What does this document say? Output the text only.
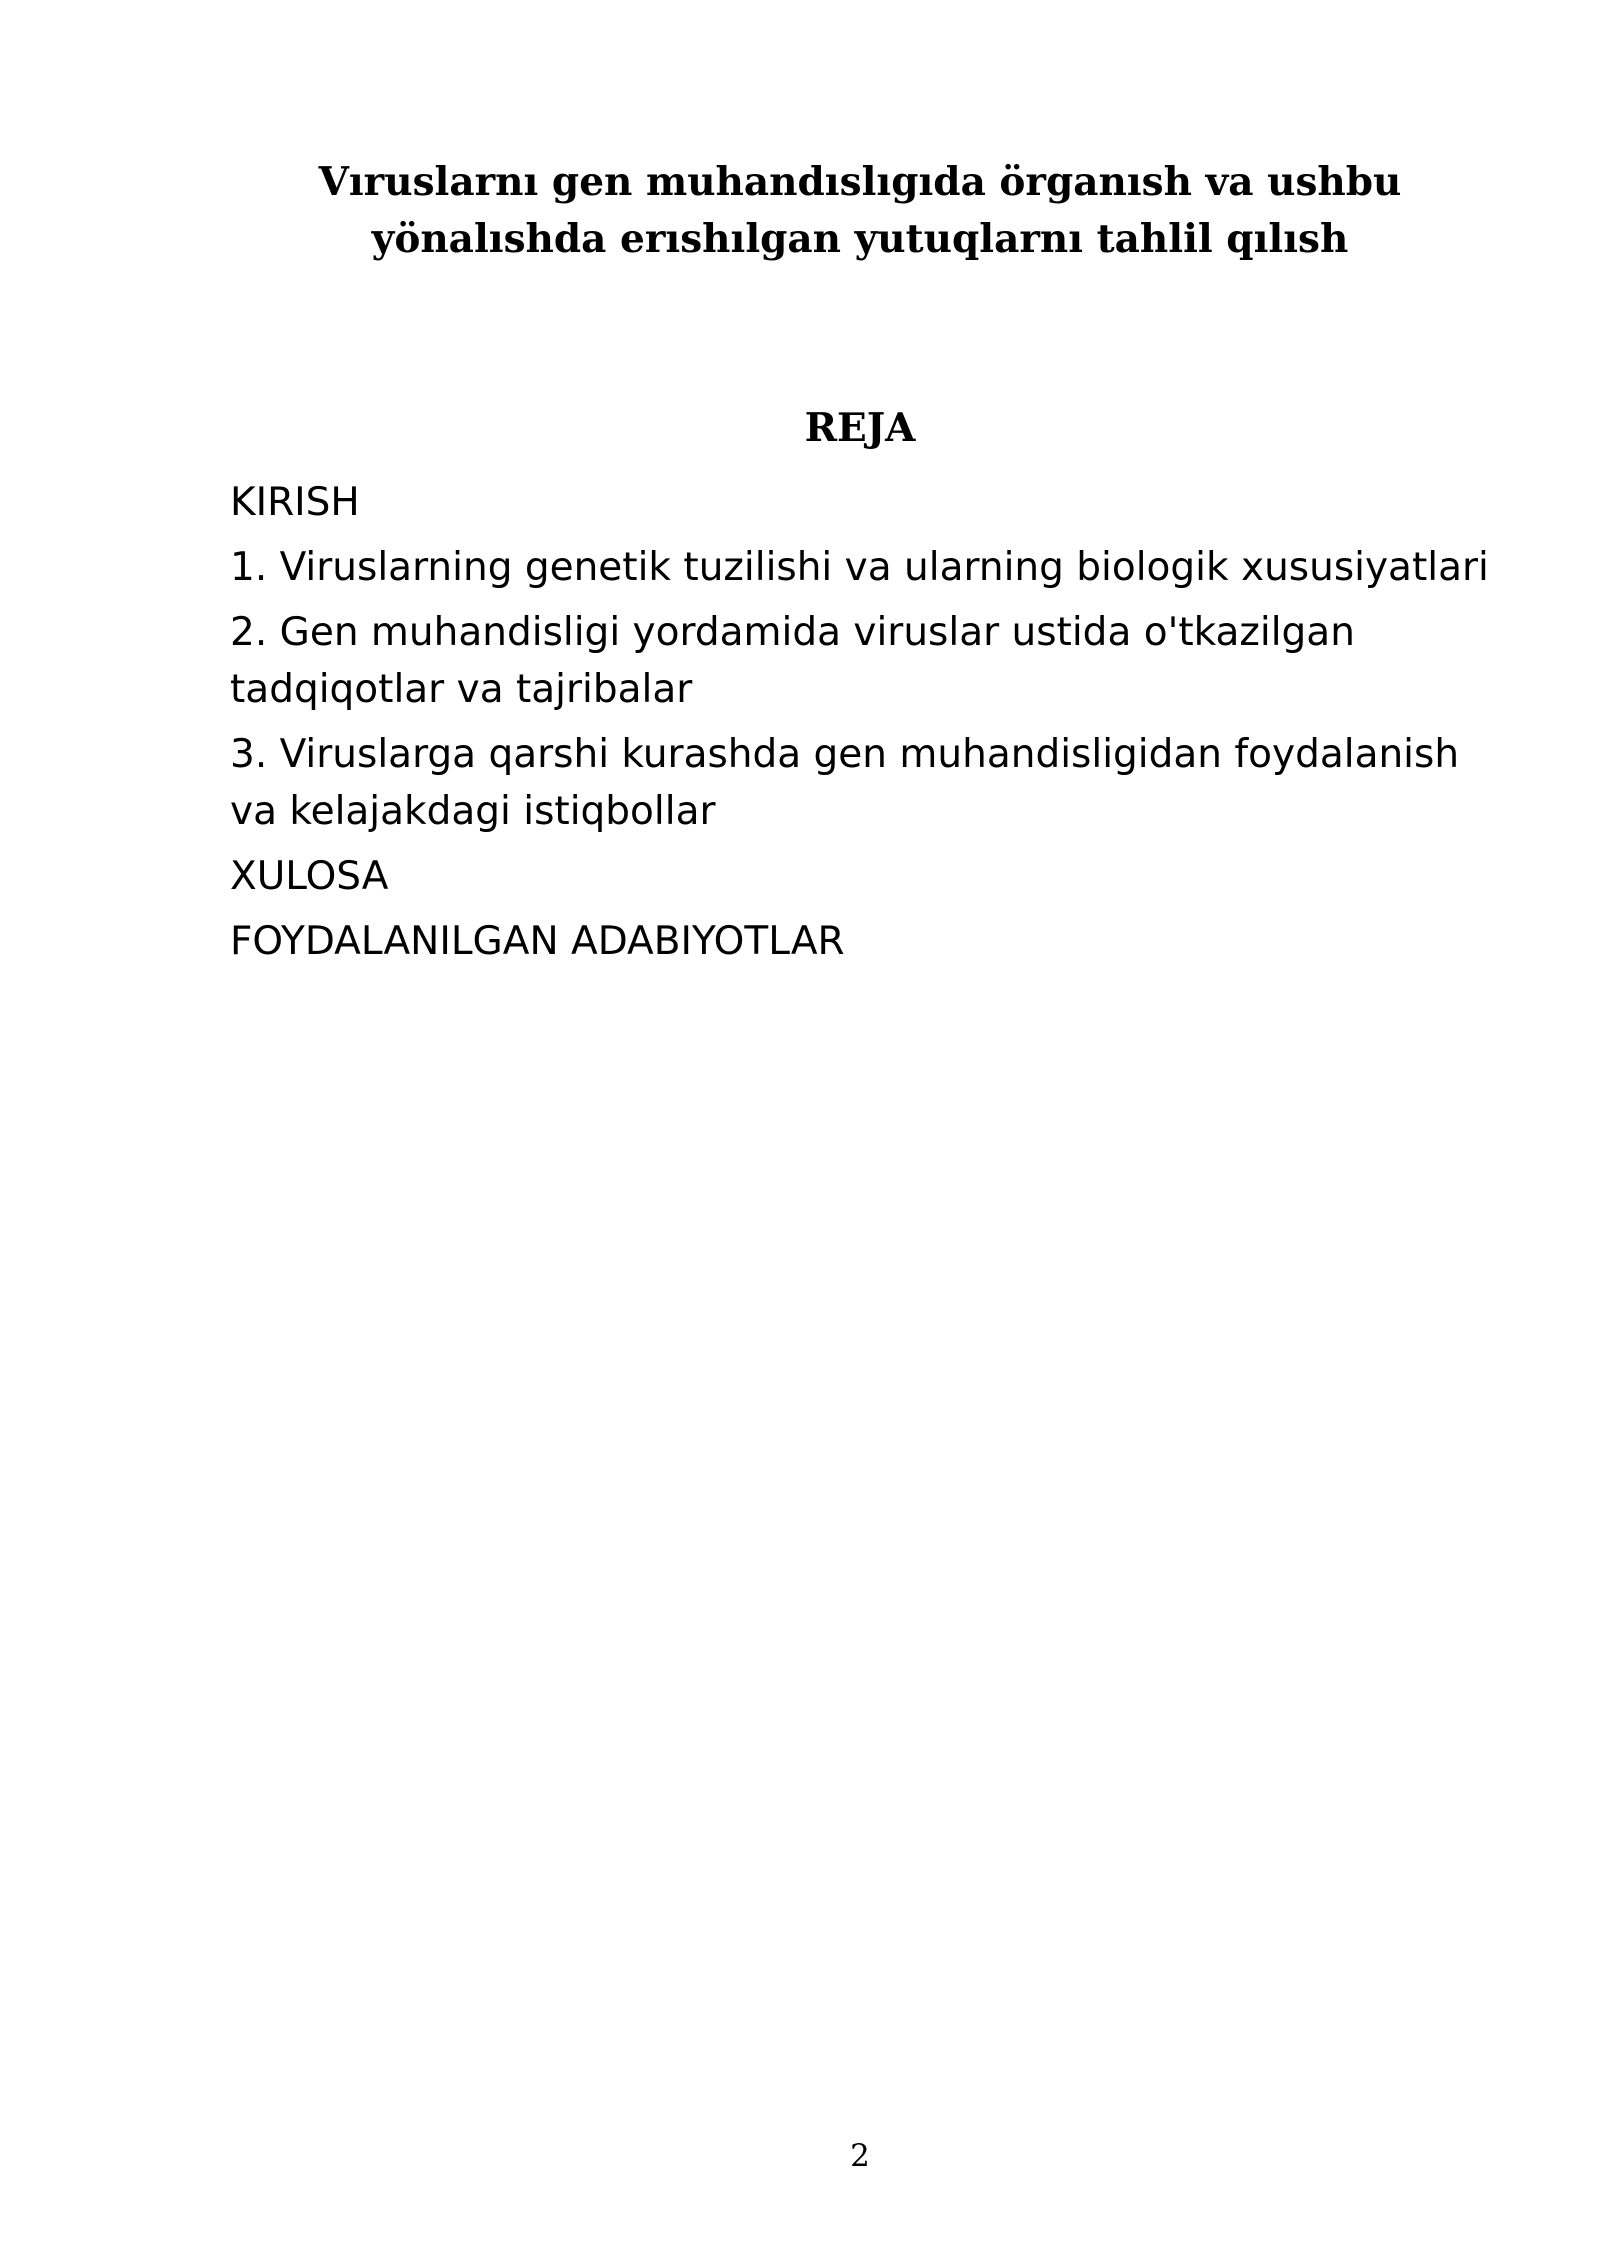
Vıruslarnı gen muhandıslıgıda örganısh va ushbu
yönalıshda erıshılgan yutuqlarnı tahlil qılısh
REJA
KIRISH
1. Viruslarning genetik tuzilishi va ularning biologik xususiyatlari
2. Gen muhandisligi yordamida viruslar ustida o'tkazilgan
tadqiqotlar va tajribalar
3. Viruslarga qarshi kurashda gen muhandisligidan foydalanish
va kelajakdagi istiqbollar
XULOSA
FOYDALANILGAN ADABIYOTLAR
2
